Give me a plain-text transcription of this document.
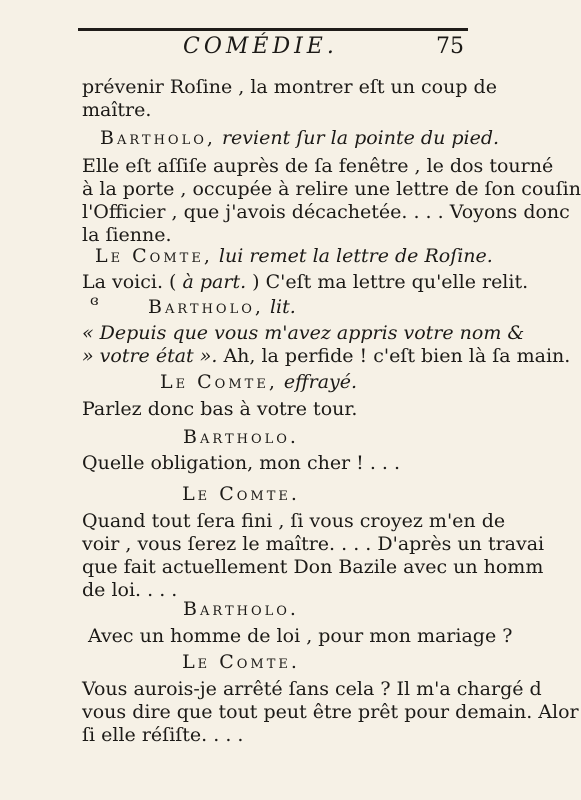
COMÉDIE.	75
prévenir Roſine , la montrer eſt un coup de
maître.
Bartholo, revient ſur la pointe du pied.
Elle eſt aſſiſe auprès de ſa fenêtre , le dos tourné
à la porte , occupée à relire une lettre de ſon couſin
l'Officier , que j'avois décachetée. . . . Voyons donc
la ſienne.
Le Comte, lui remet la lettre de Roſine.
La voici. ( à part. ) C'eſt ma lettre qu'elle relit.
ɞ	Bartholo, lit.
« Depuis que vous m'avez appris votre nom &
» votre état ». Ah, la perfide ! c'eſt bien là ſa main.
Le Comte, effrayé.
Parlez donc bas à votre tour.
Bartholo.
Quelle obligation, mon cher ! . . .
Le Comte.
Quand tout ſera fini , ſi vous croyez m'en de
voir , vous ſerez le maître. . . . D'après un travai
que fait actuellement Don Bazile avec un homm
de loi. . . .
Bartholo.
Avec un homme de loi , pour mon mariage ?
Le Comte.
Vous aurois-je arrêté ſans cela ? Il m'a chargé d
vous dire que tout peut être prêt pour demain. Alor
ſi elle réſiſte. . . .
